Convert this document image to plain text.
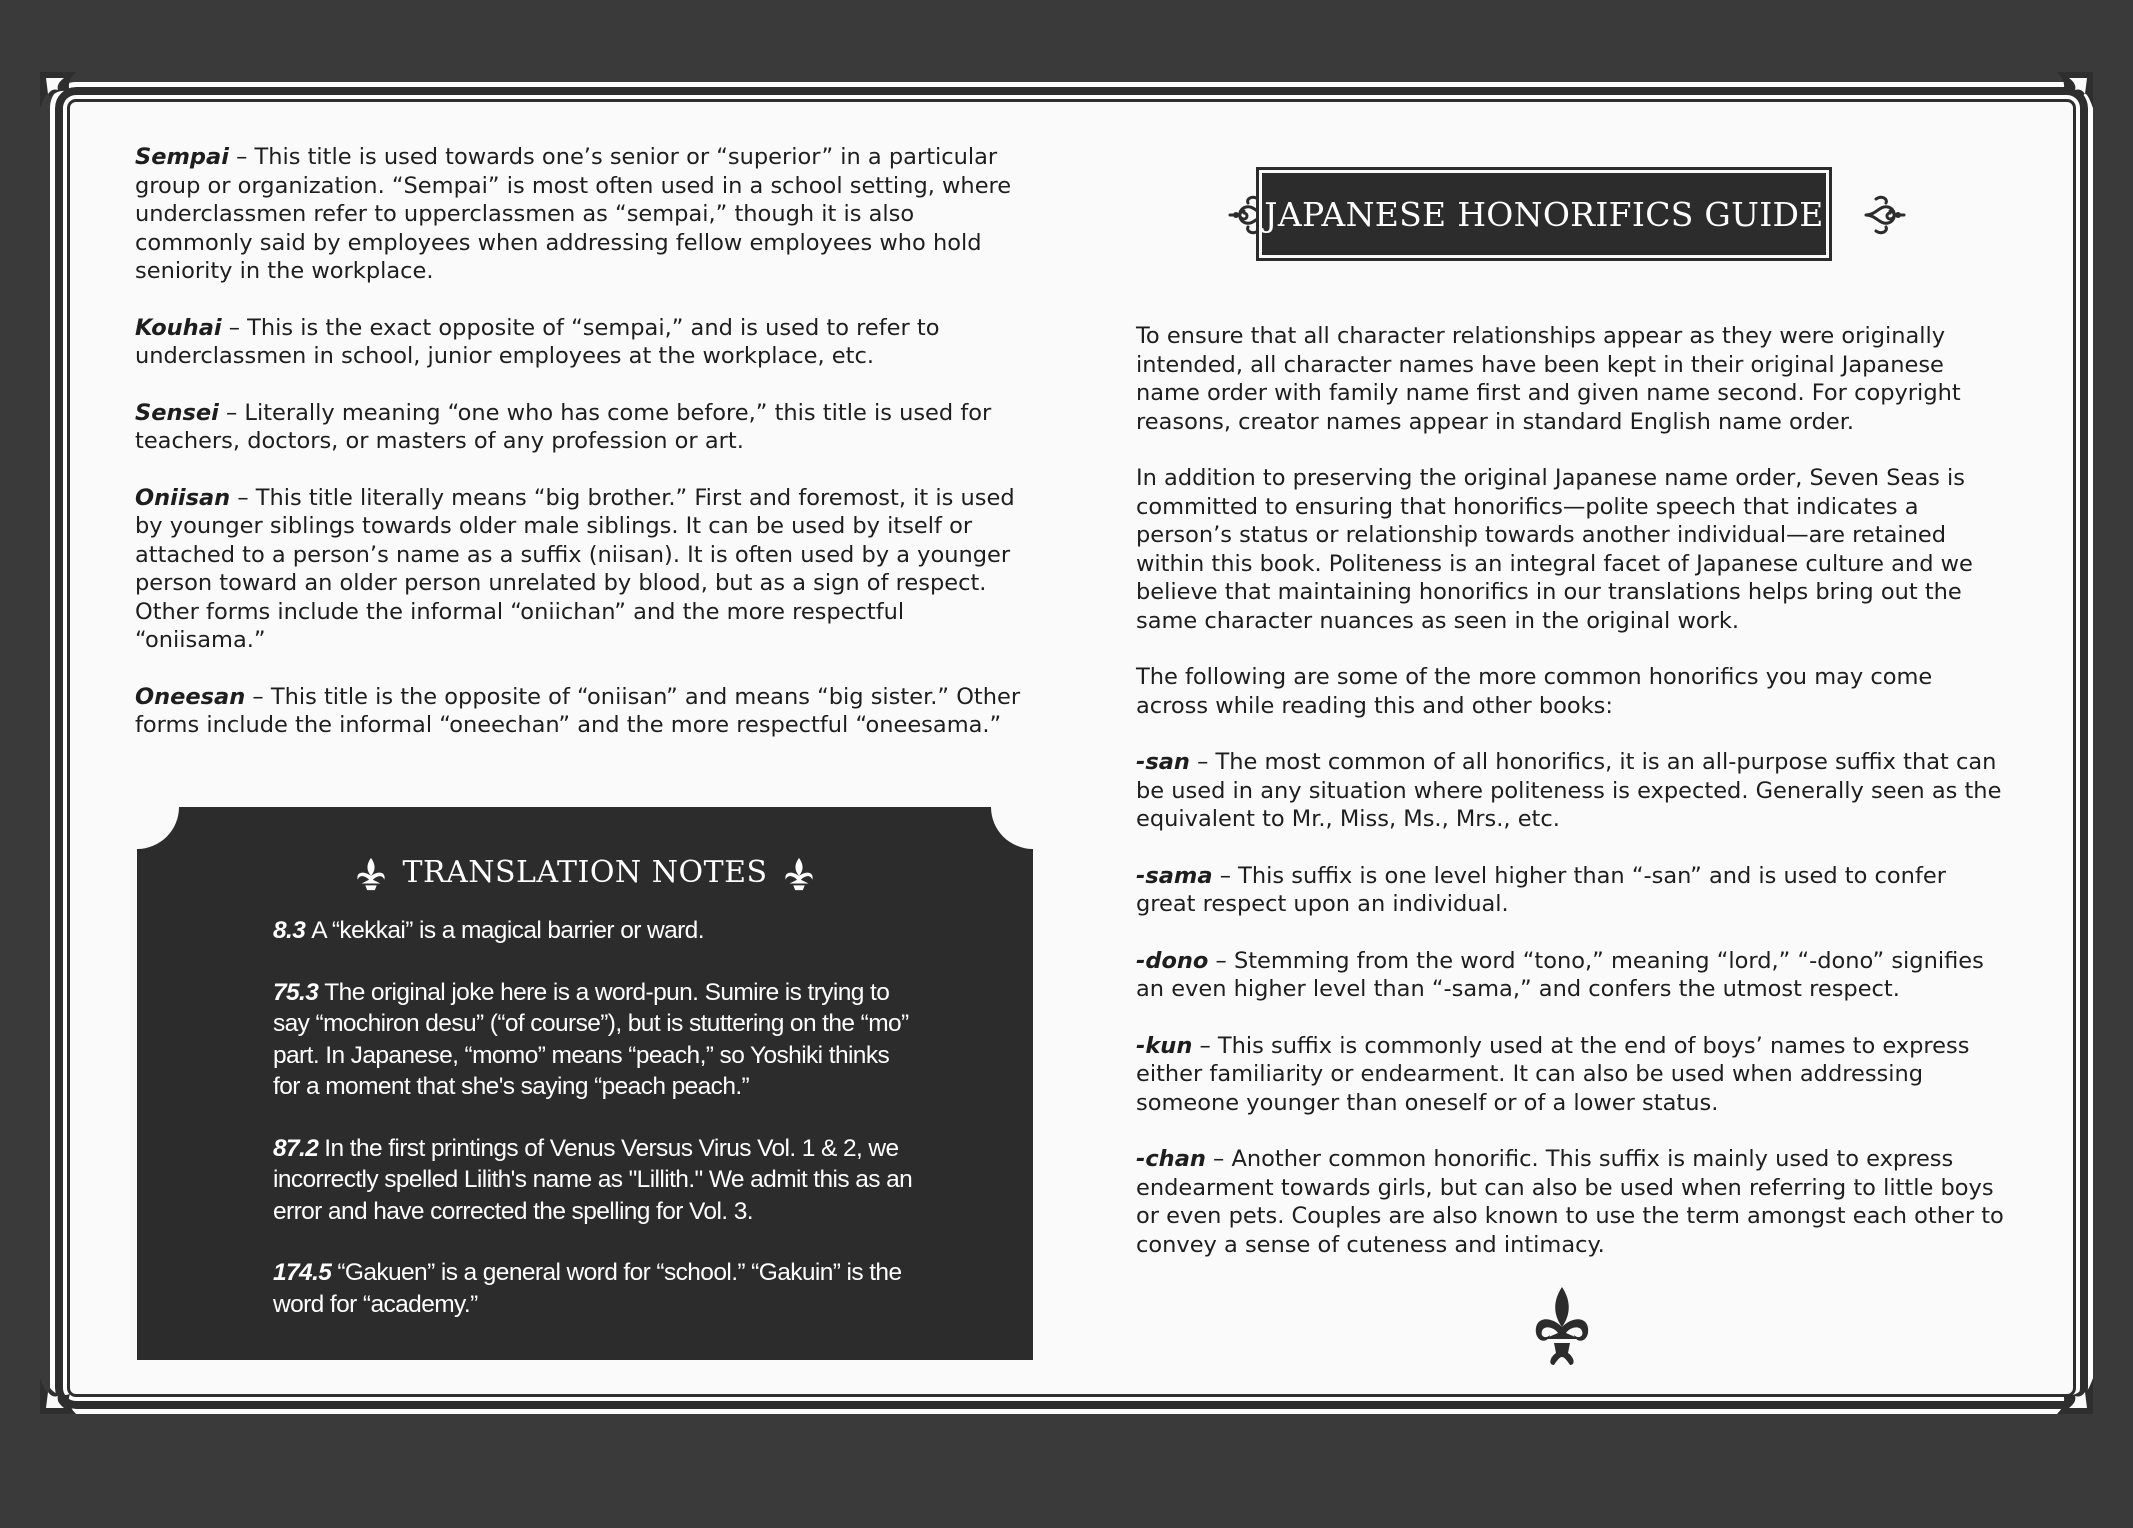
Sempai – This title is used towards one’s senior or “superior” in a particular group or organization. “Sempai” is most often used in a school setting, where underclassmen refer to upperclassmen as “sempai,” though it is also commonly said by employees when addressing fellow employees who hold seniority in the workplace.

Kouhai – This is the exact opposite of “sempai,” and is used to refer to underclassmen in school, junior employees at the workplace, etc.

Sensei – Literally meaning “one who has come before,” this title is used for teachers, doctors, or masters of any profession or art.

Oniisan – This title literally means “big brother.” First and foremost, it is used by younger siblings towards older male siblings. It can be used by itself or attached to a person’s name as a suffix (niisan). It is often used by a younger person toward an older person unrelated by blood, but as a sign of respect. Other forms include the informal “oniichan” and the more respectful “oniisama.”

Oneesan – This title is the opposite of “oniisan” and means “big sister.” Other forms include the informal “oneechan” and the more respectful “oneesama.”

TRANSLATION NOTES

8.3 A “kekkai” is a magical barrier or ward.

75.3 The original joke here is a word-pun. Sumire is trying to say “mochiron desu” (“of course”), but is stuttering on the “mo” part. In Japanese, “momo” means “peach,” so Yoshiki thinks for a moment that she's saying “peach peach.”

87.2 In the first printings of Venus Versus Virus Vol. 1 & 2, we incorrectly spelled Lilith's name as "Lillith." We admit this as an error and have corrected the spelling for Vol. 3.

174.5 “Gakuen” is a general word for “school.” “Gakuin” is the word for “academy.”

JAPANESE HONORIFICS GUIDE

To ensure that all character relationships appear as they were originally intended, all character names have been kept in their original Japanese name order with family name first and given name second. For copyright reasons, creator names appear in standard English name order.

In addition to preserving the original Japanese name order, Seven Seas is committed to ensuring that honorifics—polite speech that indicates a person’s status or relationship towards another individual—are retained within this book. Politeness is an integral facet of Japanese culture and we believe that maintaining honorifics in our translations helps bring out the same character nuances as seen in the original work.

The following are some of the more common honorifics you may come across while reading this and other books:

-san – The most common of all honorifics, it is an all-purpose suffix that can be used in any situation where politeness is expected. Generally seen as the equivalent to Mr., Miss, Ms., Mrs., etc.

-sama – This suffix is one level higher than “-san” and is used to confer great respect upon an individual.

-dono – Stemming from the word “tono,” meaning “lord,” “-dono” signifies an even higher level than “-sama,” and confers the utmost respect.

-kun – This suffix is commonly used at the end of boys’ names to express either familiarity or endearment. It can also be used when addressing someone younger than oneself or of a lower status.

-chan – Another common honorific. This suffix is mainly used to express endearment towards girls, but can also be used when referring to little boys or even pets. Couples are also known to use the term amongst each other to convey a sense of cuteness and intimacy.
